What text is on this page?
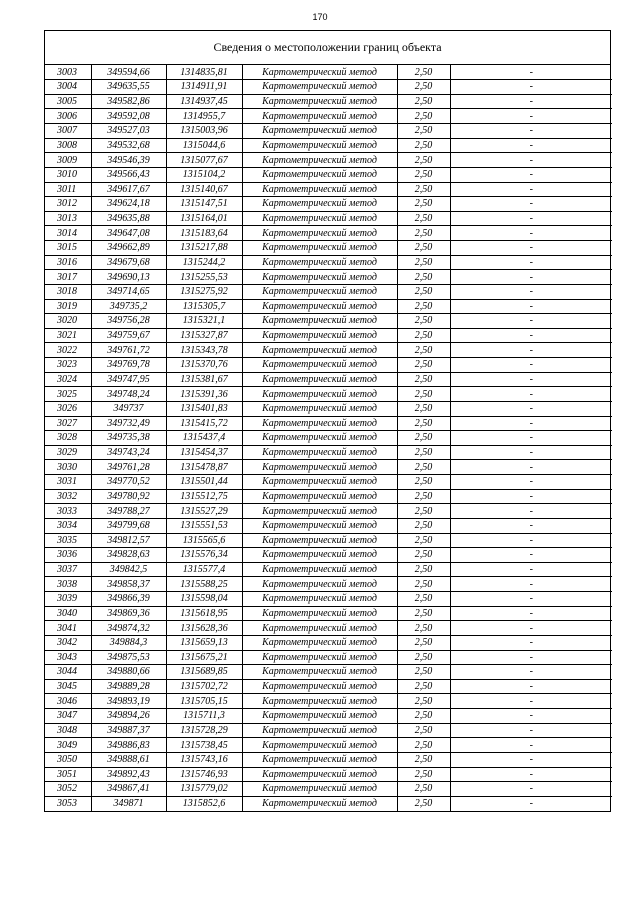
170
Сведения о местоположении границ объекта
3003	349594,66	1314835,81	Картометрический метод	2,50	-
3004	349635,55	1314911,91	Картометрический метод	2,50	-
3005	349582,86	1314937,45	Картометрический метод	2,50	-
3006	349592,08	1314955,7	Картометрический метод	2,50	-
3007	349527,03	1315003,96	Картометрический метод	2,50	-
3008	349532,68	1315044,6	Картометрический метод	2,50	-
3009	349546,39	1315077,67	Картометрический метод	2,50	-
3010	349566,43	1315104,2	Картометрический метод	2,50	-
3011	349617,67	1315140,67	Картометрический метод	2,50	-
3012	349624,18	1315147,51	Картометрический метод	2,50	-
3013	349635,88	1315164,01	Картометрический метод	2,50	-
3014	349647,08	1315183,64	Картометрический метод	2,50	-
3015	349662,89	1315217,88	Картометрический метод	2,50	-
3016	349679,68	1315244,2	Картометрический метод	2,50	-
3017	349690,13	1315255,53	Картометрический метод	2,50	-
3018	349714,65	1315275,92	Картометрический метод	2,50	-
3019	349735,2	1315305,7	Картометрический метод	2,50	-
3020	349756,28	1315321,1	Картометрический метод	2,50	-
3021	349759,67	1315327,87	Картометрический метод	2,50	-
3022	349761,72	1315343,78	Картометрический метод	2,50	-
3023	349769,78	1315370,76	Картометрический метод	2,50	-
3024	349747,95	1315381,67	Картометрический метод	2,50	-
3025	349748,24	1315391,36	Картометрический метод	2,50	-
3026	349737	1315401,83	Картометрический метод	2,50	-
3027	349732,49	1315415,72	Картометрический метод	2,50	-
3028	349735,38	1315437,4	Картометрический метод	2,50	-
3029	349743,24	1315454,37	Картометрический метод	2,50	-
3030	349761,28	1315478,87	Картометрический метод	2,50	-
3031	349770,52	1315501,44	Картометрический метод	2,50	-
3032	349780,92	1315512,75	Картометрический метод	2,50	-
3033	349788,27	1315527,29	Картометрический метод	2,50	-
3034	349799,68	1315551,53	Картометрический метод	2,50	-
3035	349812,57	1315565,6	Картометрический метод	2,50	-
3036	349828,63	1315576,34	Картометрический метод	2,50	-
3037	349842,5	1315577,4	Картометрический метод	2,50	-
3038	349858,37	1315588,25	Картометрический метод	2,50	-
3039	349866,39	1315598,04	Картометрический метод	2,50	-
3040	349869,36	1315618,95	Картометрический метод	2,50	-
3041	349874,32	1315628,36	Картометрический метод	2,50	-
3042	349884,3	1315659,13	Картометрический метод	2,50	-
3043	349875,53	1315675,21	Картометрический метод	2,50	-
3044	349880,66	1315689,85	Картометрический метод	2,50	-
3045	349889,28	1315702,72	Картометрический метод	2,50	-
3046	349893,19	1315705,15	Картометрический метод	2,50	-
3047	349894,26	1315711,3	Картометрический метод	2,50	-
3048	349887,37	1315728,29	Картометрический метод	2,50	-
3049	349886,83	1315738,45	Картометрический метод	2,50	-
3050	349888,61	1315743,16	Картометрический метод	2,50	-
3051	349892,43	1315746,93	Картометрический метод	2,50	-
3052	349867,41	1315779,02	Картометрический метод	2,50	-
3053	349871	1315852,6	Картометрический метод	2,50	-
